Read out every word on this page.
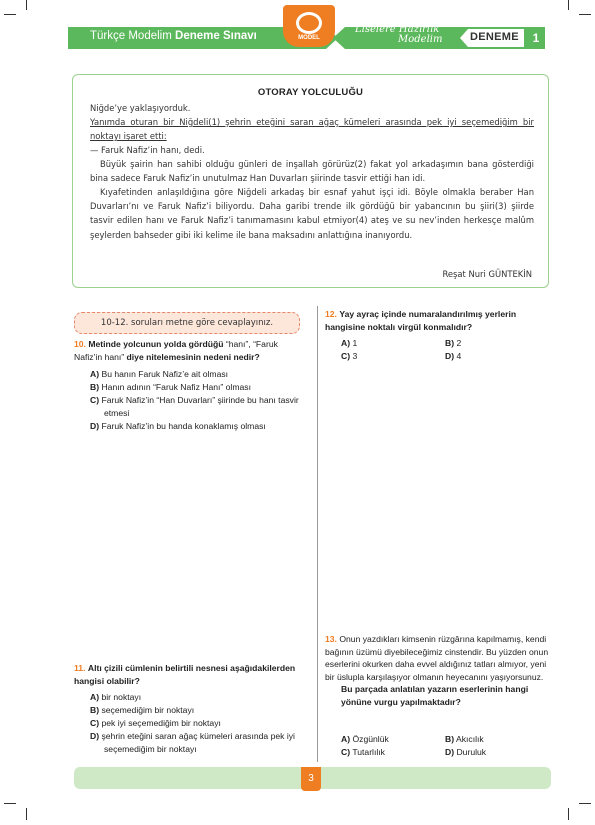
Türkçe Modelim Deneme Sınavı	MODEL
Liselere Hazırlık
Modelim	DENEME	1
OTORAY YOLCULUĞU
Niğde’ye yaklaşıyorduk.
Yanımda oturan bir Niğdeli(1) şehrin eteğini saran ağaç kümeleri arasında pek iyi seçemediğim bir noktayı işaret etti:
— Faruk Nafiz’in hanı, dedi.
Büyük şairin han sahibi olduğu günleri de inşallah görürüz(2) fakat yol arkadaşımın bana gösterdiği bina sadece Faruk Nafiz’in unutulmaz Han Duvarları şiirinde tasvir ettiği han idi.
Kıyafetinden anlaşıldığına göre Niğdeli arkadaş bir esnaf yahut işçi idi. Böyle olmakla beraber Han Duvarları’nı ve Faruk Nafiz’i biliyordu. Daha garibi trende ilk gördüğü bir yabancının bu şiiri(3) şiirde tasvir edilen hanı ve Faruk Nafiz’i tanımamasını kabul etmiyor(4) ateş ve su nev’inden herkesçe malûm şeylerden bahseder gibi iki kelime ile bana maksadını anlattığına inanıyordu.
Reşat Nuri GÜNTEKİN
10-12. soruları metne göre cevaplayınız.
10. Metinde yolcunun yolda gördüğü “hanı”, “Faruk Nafiz’in hanı” diye nitelemesinin nedeni nedir?
A) Bu hanın Faruk Nafiz’e ait olması
B) Hanın adının “Faruk Nafiz Hanı” olması
C) Faruk Nafiz’in “Han Duvarları” şiirinde bu hanı tasvir etmesi
D) Faruk Nafiz’in bu handa konaklamış olması
11. Altı çizili cümlenin belirtili nesnesi aşağıdakilerden hangisi olabilir?
A) bir noktayı
B) seçemediğim bir noktayı
C) pek iyi seçemediğim bir noktayı
D) şehrin eteğini saran ağaç kümeleri arasında pek iyi seçemediğim bir noktayı
12. Yay ayraç içinde numaralandırılmış yerlerin hangisine noktalı virgül konmalıdır?
A) 1
C) 3
B) 2
D) 4
13. Onun yazdıkları kimsenin rüzgârına kapılmamış, kendi bağının üzümü diyebileceğimiz cinstendir. Bu yüzden onun eserlerini okurken daha evvel aldığınız tatları almıyor, yeni bir üslupla karşılaşıyor olmanın heyecanını yaşıyorsunuz.
Bu parçada anlatılan yazarın eserlerinin hangi yönüne vurgu yapılmaktadır?
A) Özgünlük
C) Tutarlılık
B) Akıcılık
D) Duruluk
3
